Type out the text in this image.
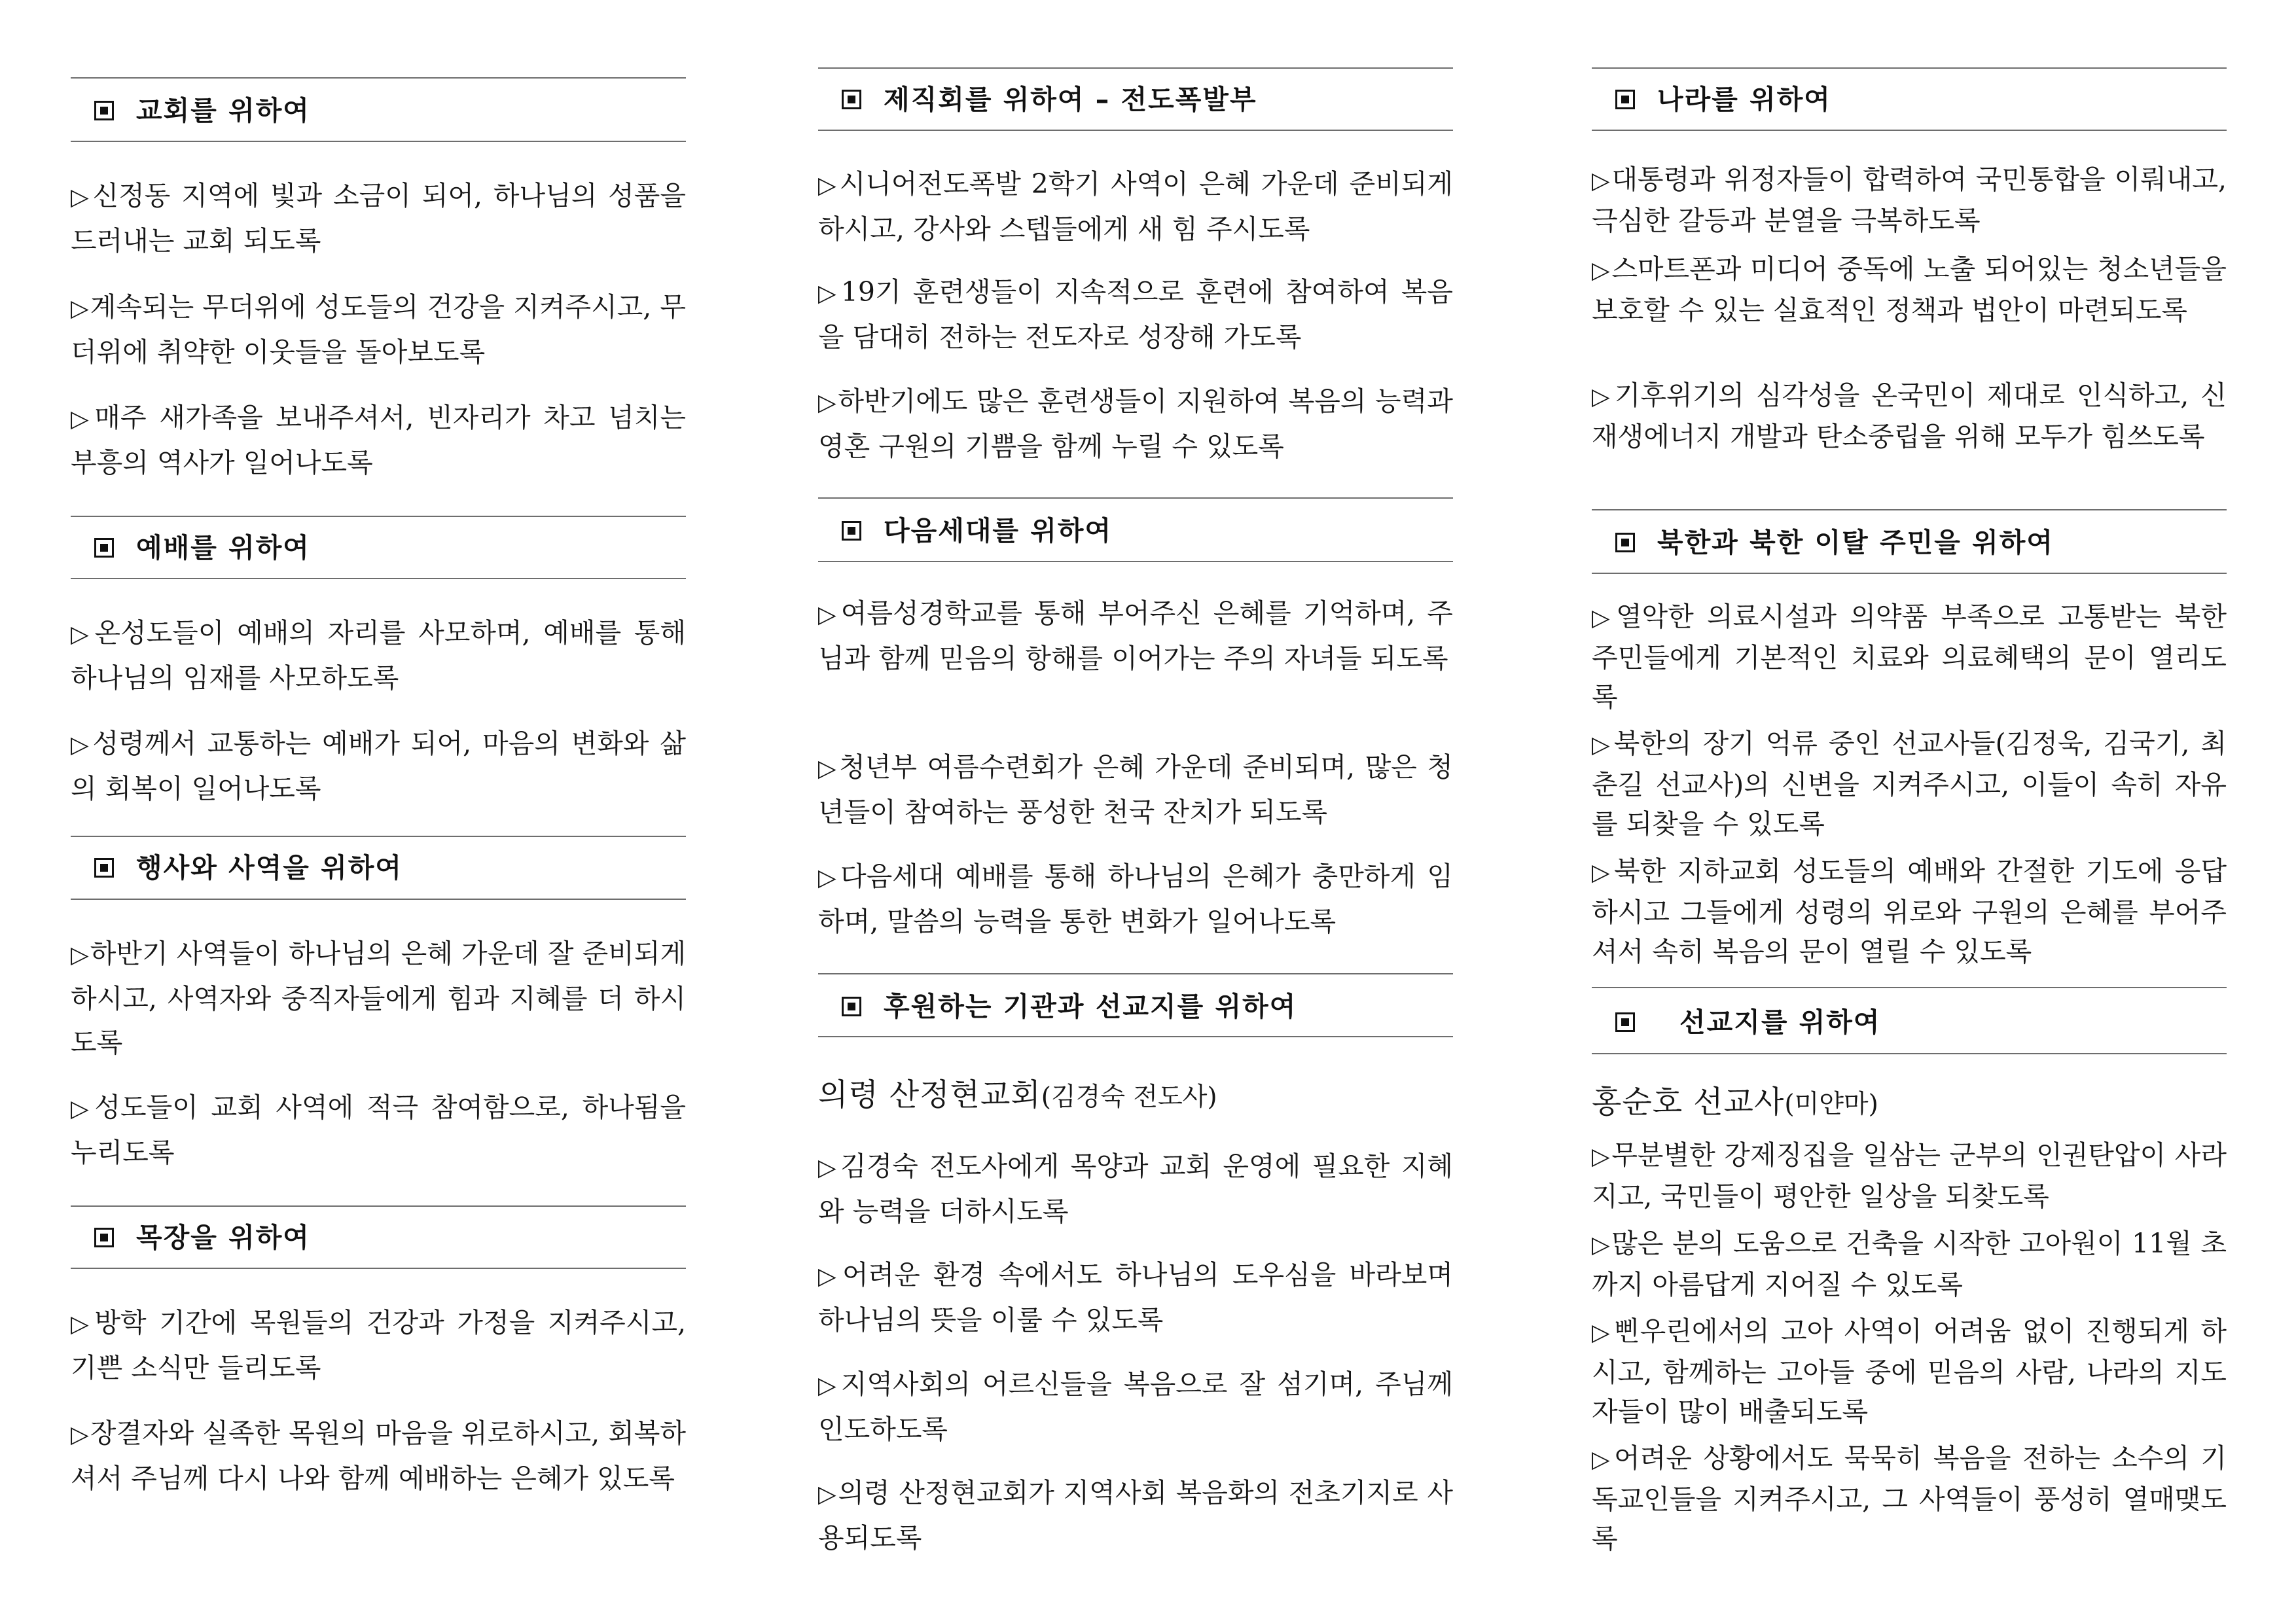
교회를 위하여

▷ 신정동 지역에 빛과 소금이 되어, 하나님의 성품을 드러내는 교회 되도록

▷ 계속되는 무더위에 성도들의 건강을 지켜주시고, 무더위에 취약한 이웃들을 돌아보도록

▷ 매주 새가족을 보내주셔서, 빈자리가 차고 넘치는 부흥의 역사가 일어나도록

예배를 위하여

▷ 온성도들이 예배의 자리를 사모하며, 예배를 통해 하나님의 임재를 사모하도록

▷ 성령께서 교통하는 예배가 되어, 마음의 변화와 삶의 회복이 일어나도록

행사와 사역을 위하여

▷ 하반기 사역들이 하나님의 은혜 가운데 잘 준비되게 하시고, 사역자와 중직자들에게 힘과 지혜를 더 하시도록

▷ 성도들이 교회 사역에 적극 참여함으로, 하나됨을 누리도록

목장을 위하여

▷ 방학 기간에 목원들의 건강과 가정을 지켜주시고, 기쁜 소식만 들리도록

▷ 장결자와 실족한 목원의 마음을 위로하시고, 회복하셔서 주님께 다시 나와 함께 예배하는 은혜가 있도록

제직회를 위하여 – 전도폭발부

▷ 시니어전도폭발 2학기 사역이 은혜 가운데 준비되게 하시고, 강사와 스텝들에게 새 힘 주시도록

▷ 19기 훈련생들이 지속적으로 훈련에 참여하여 복음을 담대히 전하는 전도자로 성장해 가도록

▷ 하반기에도 많은 훈련생들이 지원하여 복음의 능력과 영혼 구원의 기쁨을 함께 누릴 수 있도록

다음세대를 위하여

▷ 여름성경학교를 통해 부어주신 은혜를 기억하며, 주님과 함께 믿음의 항해를 이어가는 주의 자녀들 되도록

▷ 청년부 여름수련회가 은혜 가운데 준비되며, 많은 청년들이 참여하는 풍성한 천국 잔치가 되도록

▷ 다음세대 예배를 통해 하나님의 은혜가 충만하게 임하며, 말씀의 능력을 통한 변화가 일어나도록

후원하는 기관과 선교지를 위하여

의령 산정현교회(김경숙 전도사)

▷ 김경숙 전도사에게 목양과 교회 운영에 필요한 지혜와 능력을 더하시도록

▷ 어려운 환경 속에서도 하나님의 도우심을 바라보며 하나님의 뜻을 이룰 수 있도록

▷ 지역사회의 어르신들을 복음으로 잘 섬기며, 주님께 인도하도록

▷ 의령 산정현교회가 지역사회 복음화의 전초기지로 사용되도록

나라를 위하여

▷ 대통령과 위정자들이 합력하여 국민통합을 이뤄내고, 극심한 갈등과 분열을 극복하도록

▷ 스마트폰과 미디어 중독에 노출 되어있는 청소년들을 보호할 수 있는 실효적인 정책과 법안이 마련되도록

▷ 기후위기의 심각성을 온국민이 제대로 인식하고, 신재생에너지 개발과 탄소중립을 위해 모두가 힘쓰도록

북한과 북한 이탈 주민을 위하여

▷ 열악한 의료시설과 의약품 부족으로 고통받는 북한 주민들에게 기본적인 치료와 의료혜택의 문이 열리도록

▷ 북한의 장기 억류 중인 선교사들(김정욱, 김국기, 최춘길 선교사)의 신변을 지켜주시고, 이들이 속히 자유를 되찾을 수 있도록

▷ 북한 지하교회 성도들의 예배와 간절한 기도에 응답하시고 그들에게 성령의 위로와 구원의 은혜를 부어주셔서 속히 복음의 문이 열릴 수 있도록

선교지를 위하여

홍순호 선교사(미얀마)

▷ 무분별한 강제징집을 일삼는 군부의 인권탄압이 사라지고, 국민들이 평안한 일상을 되찾도록

▷ 많은 분의 도움으로 건축을 시작한 고아원이 11월 초까지 아름답게 지어질 수 있도록

▷ 삔우린에서의 고아 사역이 어려움 없이 진행되게 하시고, 함께하는 고아들 중에 믿음의 사람, 나라의 지도자들이 많이 배출되도록

▷ 어려운 상황에서도 묵묵히 복음을 전하는 소수의 기독교인들을 지켜주시고, 그 사역들이 풍성히 열매맺도록
